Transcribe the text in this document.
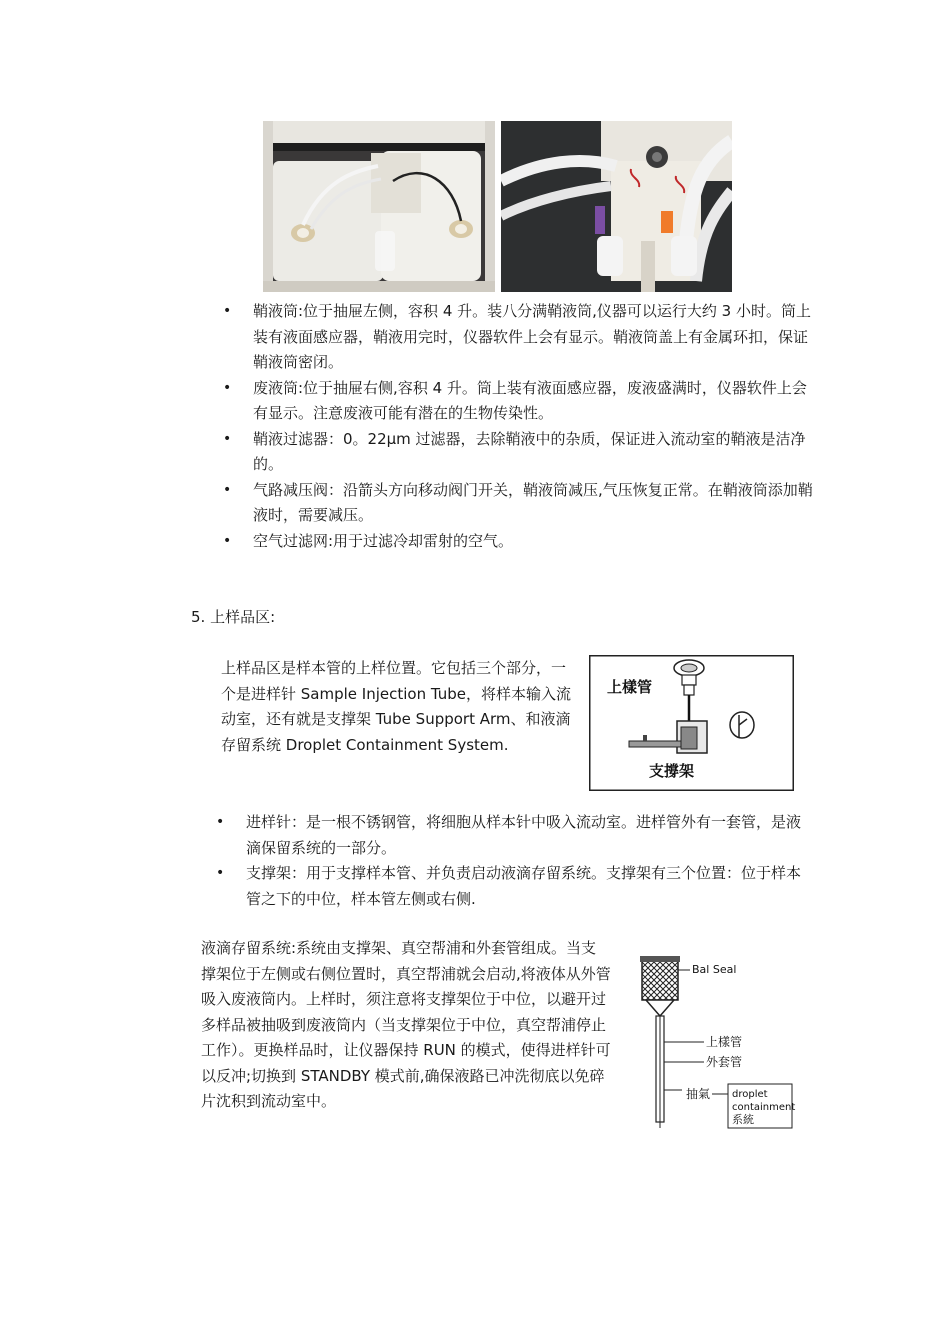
• 鞘液筒:位于抽屉左侧，容积 4 升。装八分满鞘液筒,仪器可以运行大约 3 小时。筒上装有液面感应器，鞘液用完时，仪器软件上会有显示。鞘液筒盖上有金属环扣，保证鞘液筒密闭。
• 废液筒:位于抽屉右侧,容积 4 升。筒上装有液面感应器，废液盛满时，仪器软件上会有显示。注意废液可能有潜在的生物传染性。
• 鞘液过滤器：0。22μm 过滤器，去除鞘液中的杂质，保证进入流动室的鞘液是洁净的。
• 气路减压阀：沿箭头方向移动阀门开关，鞘液筒减压,气压恢复正常。在鞘液筒添加鞘液时，需要减压。
• 空气过滤网:用于过滤冷却雷射的空气。
5. 上样品区:

上样品区是样本管的上样位置。它包括三个部分，一个是进样针 Sample Injection Tube，将样本输入流动室，还有就是支撑架 Tube Support Arm、和液滴存留系统 Droplet Containment System.

上樣管
支撐架
• 进样针：是一根不锈钢管，将细胞从样本针中吸入流动室。进样管外有一套管，是液滴保留系统的一部分。
• 支撑架：用于支撑样本管、并负责启动液滴存留系统。支撑架有三个位置：位于样本管之下的中位，样本管左侧或右侧.

液滴存留系统:系统由支撑架、真空帮浦和外套管组成。当支撑架位于左侧或右侧位置时，真空帮浦就会启动,将液体从外管吸入废液筒内。上样时，须注意将支撑架位于中位，以避开过多样品被抽吸到废液筒内（当支撑架位于中位，真空帮浦停止工作）。更换样品时，让仪器保持 RUN 的模式，使得进样针可以反冲;切换到 STANDBY 模式前,确保液路已冲洗彻底以免碎片沈积到流动室中。

Bal Seal
上樣管
外套管
抽氣 droplet
containment
系統
